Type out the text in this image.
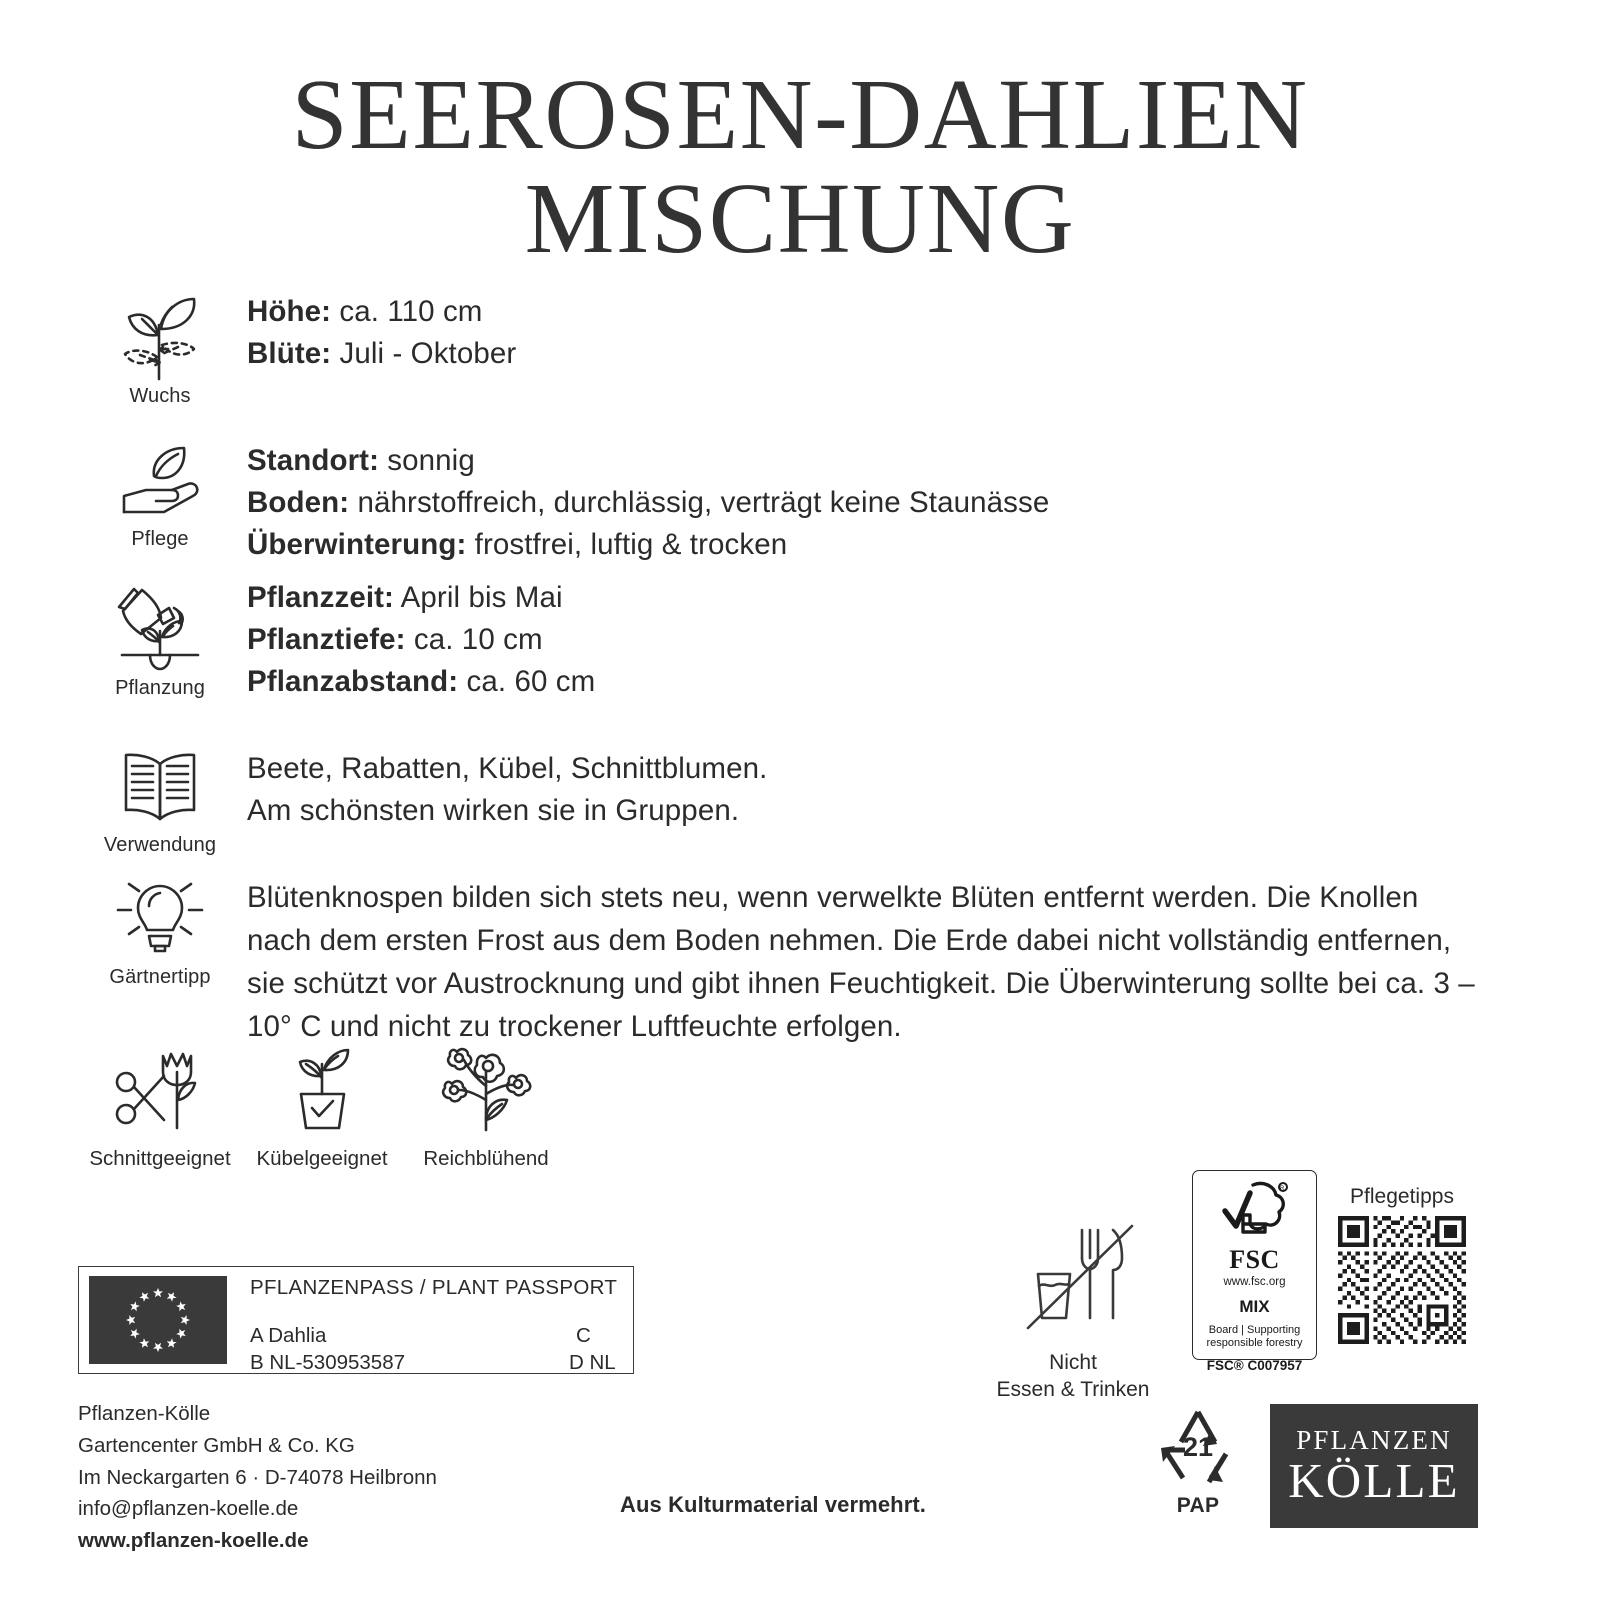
SEEROSEN-DAHLIEN
MISCHUNG
Wuchs
Höhe: ca. 110 cm
Blüte: Juli - Oktober
Pflege
Standort: sonnig
Boden: nährstoffreich, durchlässig, verträgt keine Staunässe
Überwinterung: frostfrei, luftig & trocken
Pflanzung
Pflanzzeit: April bis Mai
Pflanztiefe: ca. 10 cm
Pflanzabstand: ca. 60 cm
Verwendung
Beete, Rabatten, Kübel, Schnittblumen.
Am schönsten wirken sie in Gruppen.
Gärtnertipp
Blütenknospen bilden sich stets neu, wenn verwelkte Blüten entfernt werden. Die Knollen nach dem ersten Frost aus dem Boden nehmen. Die Erde dabei nicht vollständig entfernen, sie schützt vor Austrocknung und gibt ihnen Feuchtigkeit. Die Überwinterung sollte bei ca. 3 – 10° C und nicht zu trockener Luftfeuchte erfolgen.
Schnittgeeignet Kübelgeeignet Reichblühend
PFLANZENPASS / PLANT PASSPORT
A Dahlia
B NL-530953587
C
D NL
Pflanzen-Kölle
Gartencenter GmbH & Co. KG
Im Neckargarten 6 · D-74078 Heilbronn
info@pflanzen-koelle.de
www.pflanzen-koelle.de
Aus Kulturmaterial vermehrt.
Nicht
Essen & Trinken
R
FSC
www.fsc.org
MIX
Board | Supporting
responsible forestry
FSC® C007957
Pflegetipps
21
PAP
PFLANZEN
KÖLLE
